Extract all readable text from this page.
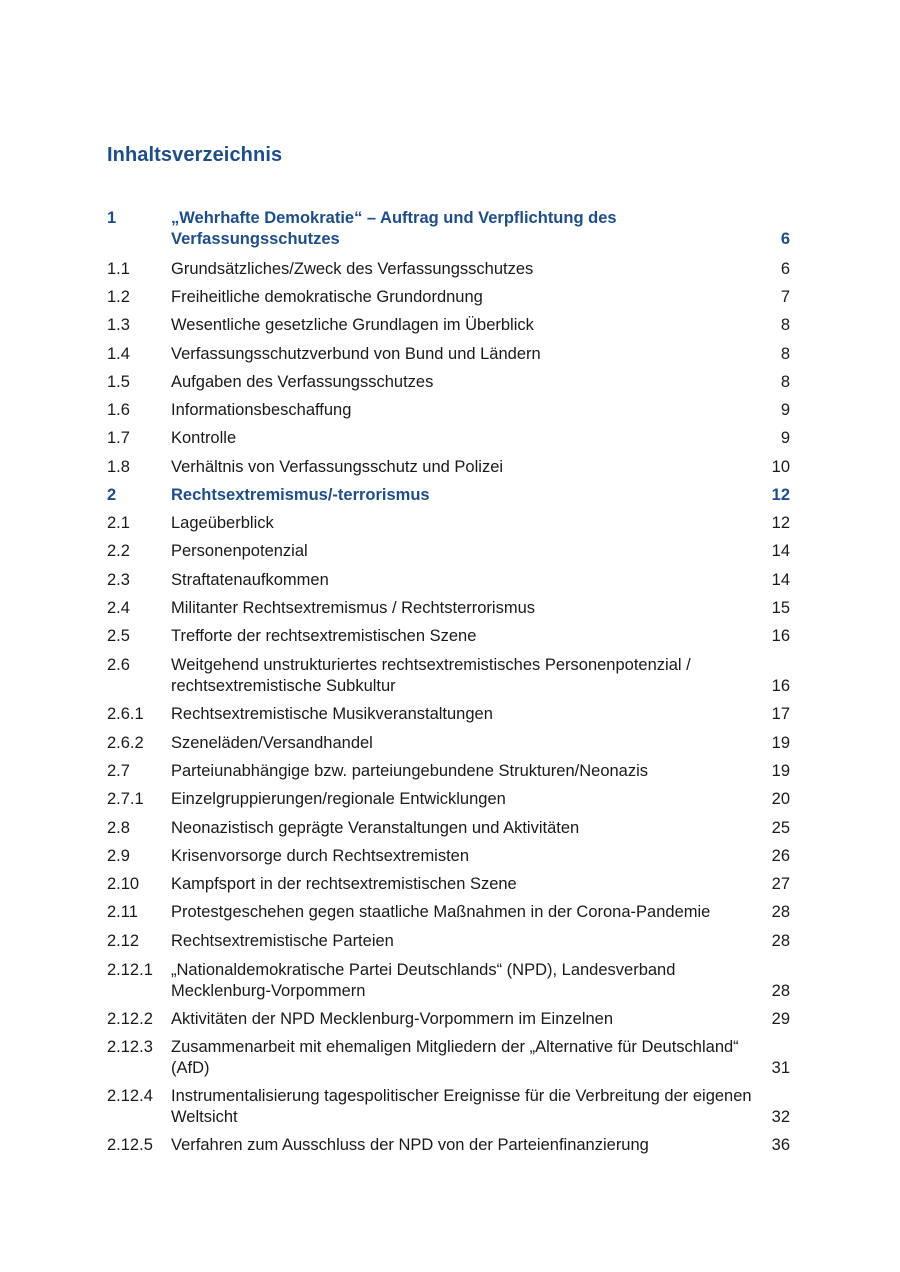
Inhaltsverzeichnis
1	„Wehrhafte Demokratie“ – Auftrag und Verpflichtung des Verfassungsschutzes	6
1.1	Grundsätzliches/Zweck des Verfassungsschutzes	6
1.2	Freiheitliche demokratische Grundordnung	7
1.3	Wesentliche gesetzliche Grundlagen im Überblick	8
1.4	Verfassungsschutzverbund von Bund und Ländern	8
1.5	Aufgaben des Verfassungsschutzes	8
1.6	Informationsbeschaffung	9
1.7	Kontrolle	9
1.8	Verhältnis von Verfassungsschutz und Polizei	10
2	Rechtsextremismus/-terrorismus	12
2.1	Lageüberblick	12
2.2	Personenpotenzial	14
2.3	Straftatenaufkommen	14
2.4	Militanter Rechtsextremismus / Rechtsterrorismus	15
2.5	Trefforte der rechtsextremistischen Szene	16
2.6	Weitgehend unstrukturiertes rechtsextremistisches Personenpotenzial / rechtsextremistische Subkultur	16
2.6.1	Rechtsextremistische Musikveranstaltungen	17
2.6.2	Szeneläden/Versandhandel	19
2.7	Parteiunabhängige bzw. parteiungebundene Strukturen/Neonazis	19
2.7.1	Einzelgruppierungen/regionale Entwicklungen	20
2.8	Neonazistisch geprägte Veranstaltungen und Aktivitäten	25
2.9	Krisenvorsorge durch Rechtsextremisten	26
2.10	Kampfsport in der rechtsextremistischen Szene	27
2.11	Protestgeschehen gegen staatliche Maßnahmen in der Corona-Pandemie	28
2.12	Rechtsextremistische Parteien	28
2.12.1	„Nationaldemokratische Partei Deutschlands“ (NPD), Landesverband Mecklenburg-Vorpommern	28
2.12.2	Aktivitäten der NPD Mecklenburg-Vorpommern im Einzelnen	29
2.12.3	Zusammenarbeit mit ehemaligen Mitgliedern der „Alternative für Deutschland“ (AfD)	31
2.12.4	Instrumentalisierung tagespolitischer Ereignisse für die Verbreitung der eigenen Weltsicht	32
2.12.5	Verfahren zum Ausschluss der NPD von der Parteienfinanzierung	36
